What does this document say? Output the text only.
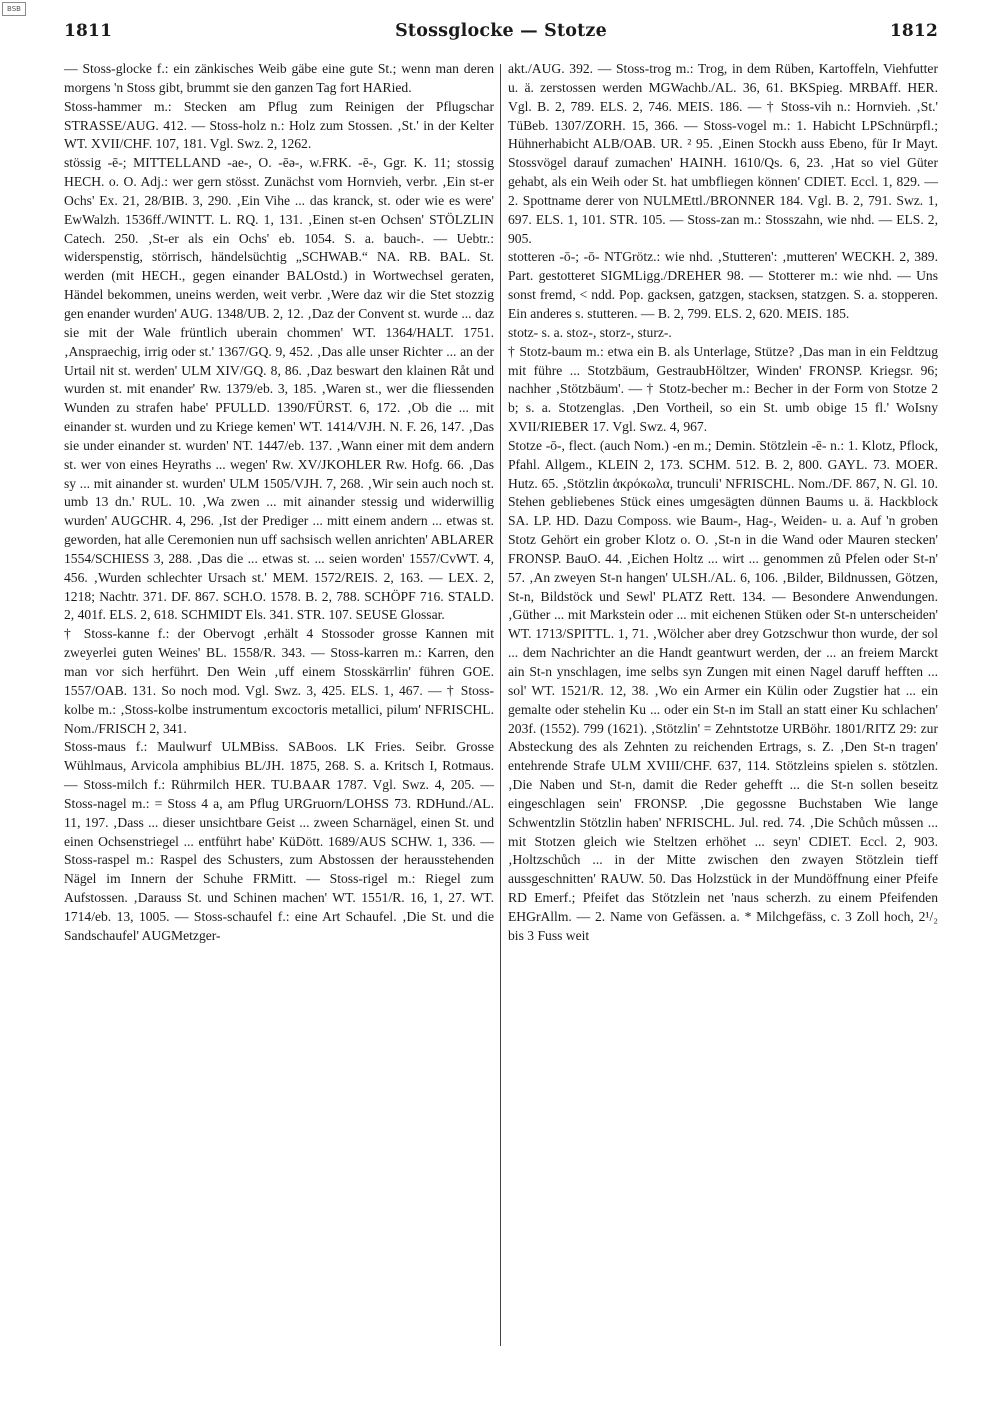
BSB
1811	Stossglocke — Stotze	1812

— Stoss-glocke f.: ein zänkisches Weib gäbe eine gute St.; wenn man deren morgens 'n Stoss gibt, brummt sie den ganzen Tag fort HARied.

Stoss-hammer m.: Stecken am Pflug zum Reinigen der Pflugschar STRASSE/AUG. 412. — Stoss-holz n.: Holz zum Stossen. ‚St.' in der Kelter WT. XVII/CHF. 107, 181. Vgl. Swz. 2, 1262.

stössig -ē-; MITTELLAND -ae-, O. -ēə-, w.FRK. -ē-, Ggr. K. 11; stossig HECH. o. O. Adj.: wer gern stösst. Zunächst vom Hornvieh, verbr. ‚Ein st-er Ochs' Ex. 21, 28/BIB. 3, 290. ‚Ein Vihe ... das kranck, st. oder wie es were' EwWalzh. 1536ff./WINTT. L. RQ. 1, 131. ‚Einen st-en Ochsen' STÖLZLIN Catech. 250. ‚St-er als ein Ochs' eb. 1054. S. a. bauch-. — Uebtr.: widerspenstig, störrisch, händelsüchtig „SCHWAB.“ NA. RB. BAL. St. werden (mit HECH., gegen einander BALOstd.) in Wortwechsel geraten, Händel bekommen, uneins werden, weit verbr. ‚Were daz wir die Stet stozzig gen enander wurden' AUG. 1348/UB. 2, 12. ‚Daz der Convent st. wurde ... daz sie mit der Wale früntlich uberain chommen' WT. 1364/HALT. 1751. ‚Anspraechig, irrig oder st.' 1367/GQ. 9, 452. ‚Das alle unser Richter ... an der Urtail nit st. werden' ULM XIV/GQ. 8, 86. ‚Daz beswart den klainen Råt und wurden st. mit enander' Rw. 1379/eb. 3, 185. ‚Waren st., wer die fliessenden Wunden zu strafen habe' PFULLD. 1390/FÜRST. 6, 172. ‚Ob die ... mit einander st. wurden und zu Kriege kemen' WT. 1414/VJH. N. F. 26, 147. ‚Das sie under einander st. wurden' NT. 1447/eb. 137. ‚Wann einer mit dem andern st. wer von eines Heyraths ... wegen' Rw. XV/JKOHLER Rw. Hofg. 66. ‚Das sy ... mit ainander st. wurden' ULM 1505/VJH. 7, 268. ‚Wir sein auch noch st. umb 13 dn.' RUL. 10. ‚Wa zwen ... mit ainander stessig und widerwillig wurden' AUGCHR. 4, 296. ‚Ist der Prediger ... mitt einem andern ... etwas st. geworden, hat alle Ceremonien nun uff sachsisch wellen anrichten' ABLARER 1554/SCHIESS 3, 288. ‚Das die ... etwas st. ... seien worden' 1557/CvWT. 4, 456. ‚Wurden schlechter Ursach st.' MEM. 1572/REIS. 2, 163. — LEX. 2, 1218; Nachtr. 371. DF. 867. SCH.O. 1578. B. 2, 788. SCHÖPF 716. STALD. 2, 401f. ELS. 2, 618. SCHMIDT Els. 341. STR. 107. SEUSE Glossar.

† Stoss-kanne f.: der Obervogt ‚erhält 4 Stossoder grosse Kannen mit zweyerlei guten Weines' BL. 1558/R. 343. — Stoss-karren m.: Karren, den man vor sich herführt. Den Wein ‚uff einem Stosskärrlin' führen GOE. 1557/OAB. 131. So noch mod. Vgl. Swz. 3, 425. ELS. 1, 467. — † Stoss-kolbe m.: ‚Stoss-kolbe instrumentum excoctoris metallici, pilum' NFRISCHL. Nom./FRISCH 2, 341.

Stoss-maus f.: Maulwurf ULMBiss. SABoos. LK Fries. Seibr. Grosse Wühlmaus, Arvicola amphibius BL/JH. 1875, 268. S. a. Kritsch I, Rotmaus. — Stoss-milch f.: Rührmilch HER. TU.BAAR 1787. Vgl. Swz. 4, 205. — Stoss-nagel m.: = Stoss 4 a, am Pflug URGruorn/LOHSS 73. RDHund./AL. 11, 197. ‚Dass ... dieser unsichtbare Geist ... zween Scharnägel, einen St. und einen Ochsenstriegel ... entführt habe' KüDött. 1689/AUS SCHW. 1, 336. — Stoss-raspel m.: Raspel des Schusters, zum Abstossen der herausstehenden Nägel im Innern der Schuhe FRMitt. — Stoss-rigel m.: Riegel zum Aufstossen. ‚Darauss St. und Schinen machen' WT. 1551/R. 16, 1, 27. WT. 1714/eb. 13, 1005. — Stoss-schaufel f.: eine Art Schaufel. ‚Die St. und die Sandschaufel' AUGMetzger-

akt./AUG. 392. — Stoss-trog m.: Trog, in dem Rüben, Kartoffeln, Viehfutter u. ä. zerstossen werden MGWachb./AL. 36, 61. BKSpieg. MRBAff. HER. Vgl. B. 2, 789. ELS. 2, 746. MEIS. 186. — † Stoss-vih n.: Hornvieh. ‚St.' TüBeb. 1307/ZORH. 15, 366. — Stoss-vogel m.: 1. Habicht LPSchnürpfl.; Hühnerhabicht ALB/OAB. UR. ² 95. ‚Einen Stockh auss Ebeno, für Ir Mayt. Stossvögel darauf zumachen' HAINH. 1610/Qs. 6, 23. ‚Hat so viel Güter gehabt, als ein Weih oder St. hat umbfliegen können' CDIET. Eccl. 1, 829. — 2. Spottname derer von NULMEttl./BRONNER 184. Vgl. B. 2, 791. Swz. 1, 697. ELS. 1, 101. STR. 105. — Stoss-zan m.: Stosszahn, wie nhd. — ELS. 2, 905.

stotteren -ō-; -ō- NTGrötz.: wie nhd. ‚Stutteren': ‚mutteren' WECKH. 2, 389. Part. gestotteret SIGMLigg./DREHER 98. — Stotterer m.: wie nhd. — Uns sonst fremd, < ndd. Pop. gacksen, gatzgen, stacksen, statzgen. S. a. stopperen. Ein anderes s. stutteren. — B. 2, 799. ELS. 2, 620. MEIS. 185.

stotz- s. a. stoz-, storz-, sturz-.

† Stotz-baum m.: etwa ein B. als Unterlage, Stütze? ‚Das man in ein Feldtzug mit führe ... Stotzbäum, GestraubHöltzer, Winden' FRONSP. Kriegsr. 96; nachher ‚Stötzbäum'. — † Stotz-becher m.: Becher in der Form von Stotze 2 b; s. a. Stotzenglas. ‚Den Vortheil, so ein St. umb obige 15 fl.' WoIsny XVII/RIEBER 17. Vgl. Swz. 4, 967.

Stotze -ō-, flect. (auch Nom.) -en m.; Demin. Stötzlein -ē- n.: 1. Klotz, Pflock, Pfahl. Allgem., KLEIN 2, 173. SCHM. 512. B. 2, 800. GAYL. 73. MOER. Hutz. 65. ‚Stötzlin ἀκρόκωλα, trunculi' NFRISCHL. Nom./DF. 867, N. Gl. 10. Stehen gebliebenes Stück eines umgesägten dünnen Baums u. ä. Hackblock SA. LP. HD. Dazu Composs. wie Baum-, Hag-, Weiden- u. a. Auf 'n groben Stotz Gehört ein grober Klotz o. O. ‚St-n in die Wand oder Mauren stecken' FRONSP. BauO. 44. ‚Eichen Holtz ... wirt ... genommen zů Pfelen oder St-n' 57. ‚An zweyen St-n hangen' ULSH./AL. 6, 106. ‚Bilder, Bildnussen, Götzen, St-n, Bildstöck und Sewl' PLATZ Rett. 134. — Besondere Anwendungen. ‚Güther ... mit Markstein oder ... mit eichenen Stüken oder St-n unterscheiden' WT. 1713/SPITTL. 1, 71. ‚Wölcher aber drey Gotzschwur thon wurde, der sol ... dem Nachrichter an die Handt geantwurt werden, der ... an freiem Marckt ain St-n ynschlagen, ime selbs syn Zungen mit einen Nagel daruff hefften ... sol' WT. 1521/R. 12, 38. ‚Wo ein Armer ein Külin oder Zugstier hat ... ein gemalte oder stehelin Ku ... oder ein St-n im Stall an statt einer Ku schlachen' 203f. (1552). 799 (1621). ‚Stötzlin' = Zehntstotze URBöhr. 1801/RITZ 29: zur Absteckung des als Zehnten zu reichenden Ertrags, s. Z. ‚Den St-n tragen' entehrende Strafe ULM XVIII/CHF. 637, 114. Stötzleins spielen s. stötzlen. ‚Die Naben und St-n, damit die Reder gehefft ... die St-n sollen beseitz eingeschlagen sein' FRONSP. ‚Die gegossne Buchstaben Wie lange Schwentzlin Stötzlin haben' NFRISCHL. Jul. red. 74. ‚Die Schůch můssen ... mit Stotzen gleich wie Steltzen erhöhet ... seyn' CDIET. Eccl. 2, 903. ‚Holtzschůch ... in der Mitte zwischen den zwayen Stötzlein tieff aussgeschnitten' RAUW. 50. Das Holzstück in der Mundöffnung einer Pfeife RD Emerf.; Pfeifet das Stötzlein net 'naus scherzh. zu einem Pfeifenden EHGrAllm. — 2. Name von Gefässen. a. * Milchgefäss, c. 3 Zoll hoch, 2¹/₂ bis 3 Fuss weit
